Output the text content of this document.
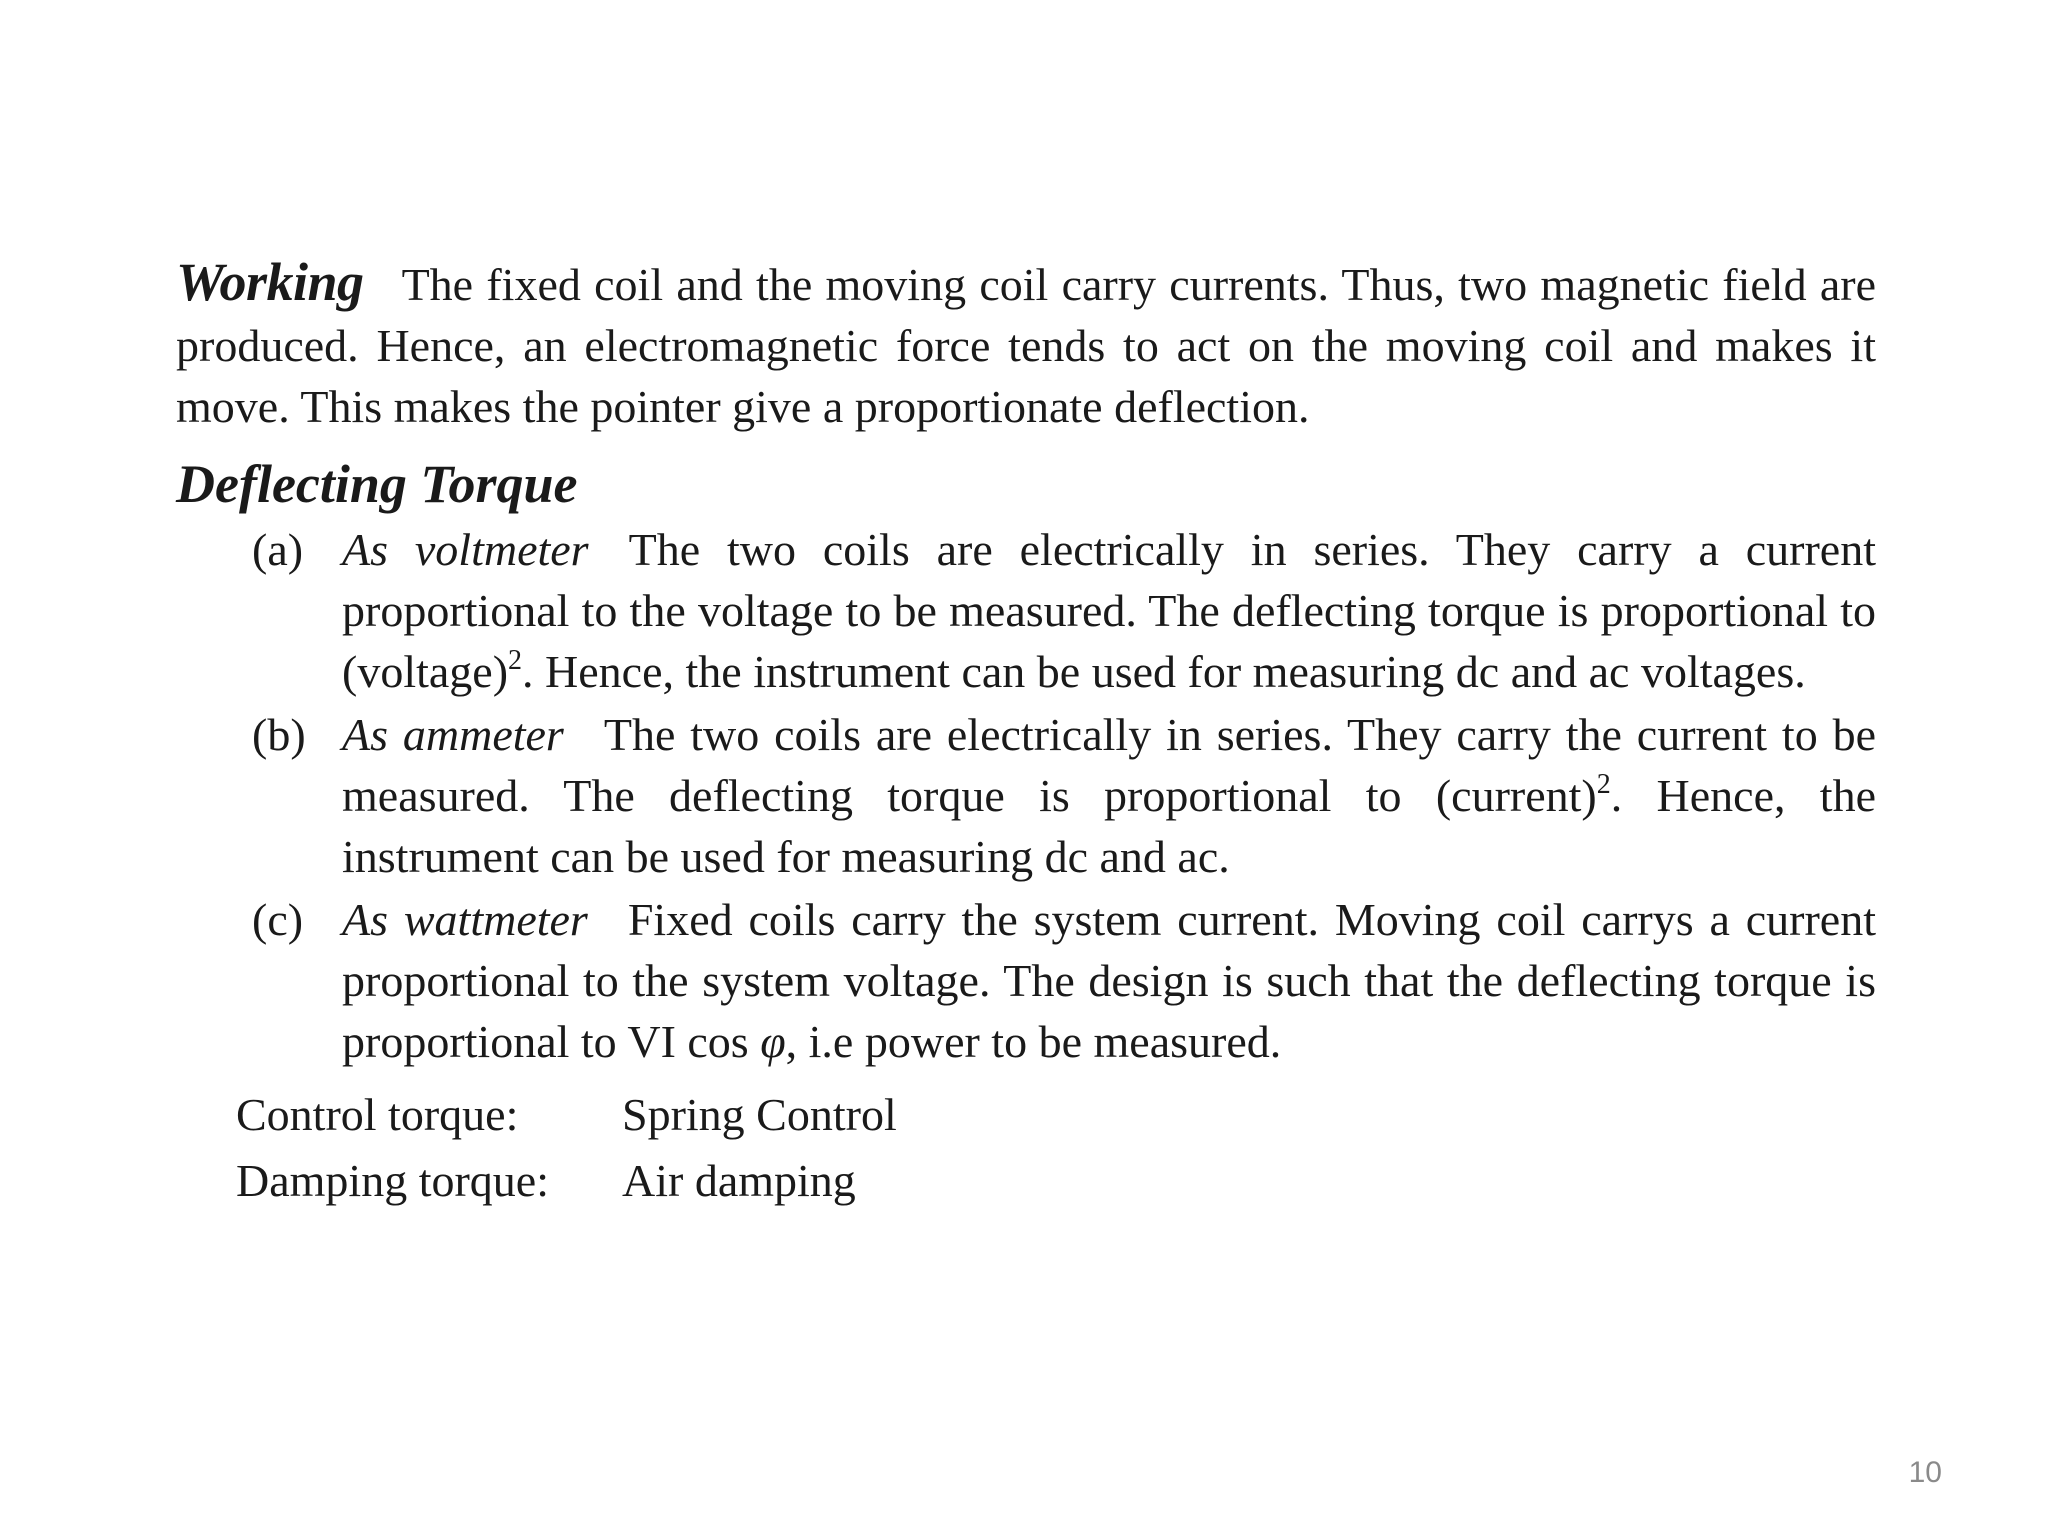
Working The fixed coil and the moving coil carry currents. Thus, two magnetic field are produced. Hence, an electromagnetic force tends to act on the moving coil and makes it move. This makes the pointer give a proportionate deflection.

Deflecting Torque
(a) As voltmeter The two coils are electrically in series. They carry a current proportional to the voltage to be measured. The deflecting torque is proportional to (voltage)$^2$. Hence, the instrument can be used for measuring dc and ac voltages.
(b) As ammeter The two coils are electrically in series. They carry the current to be measured. The deflecting torque is proportional to (current)$^2$. Hence, the instrument can be used for measuring dc and ac.
(c) As wattmeter Fixed coils carry the system current. Moving coil carrys a current proportional to the system voltage. The design is such that the deflecting torque is proportional to VI cos φ, i.e power to be measured.
Control torque:	Spring Control
Damping torque:	Air damping
10
